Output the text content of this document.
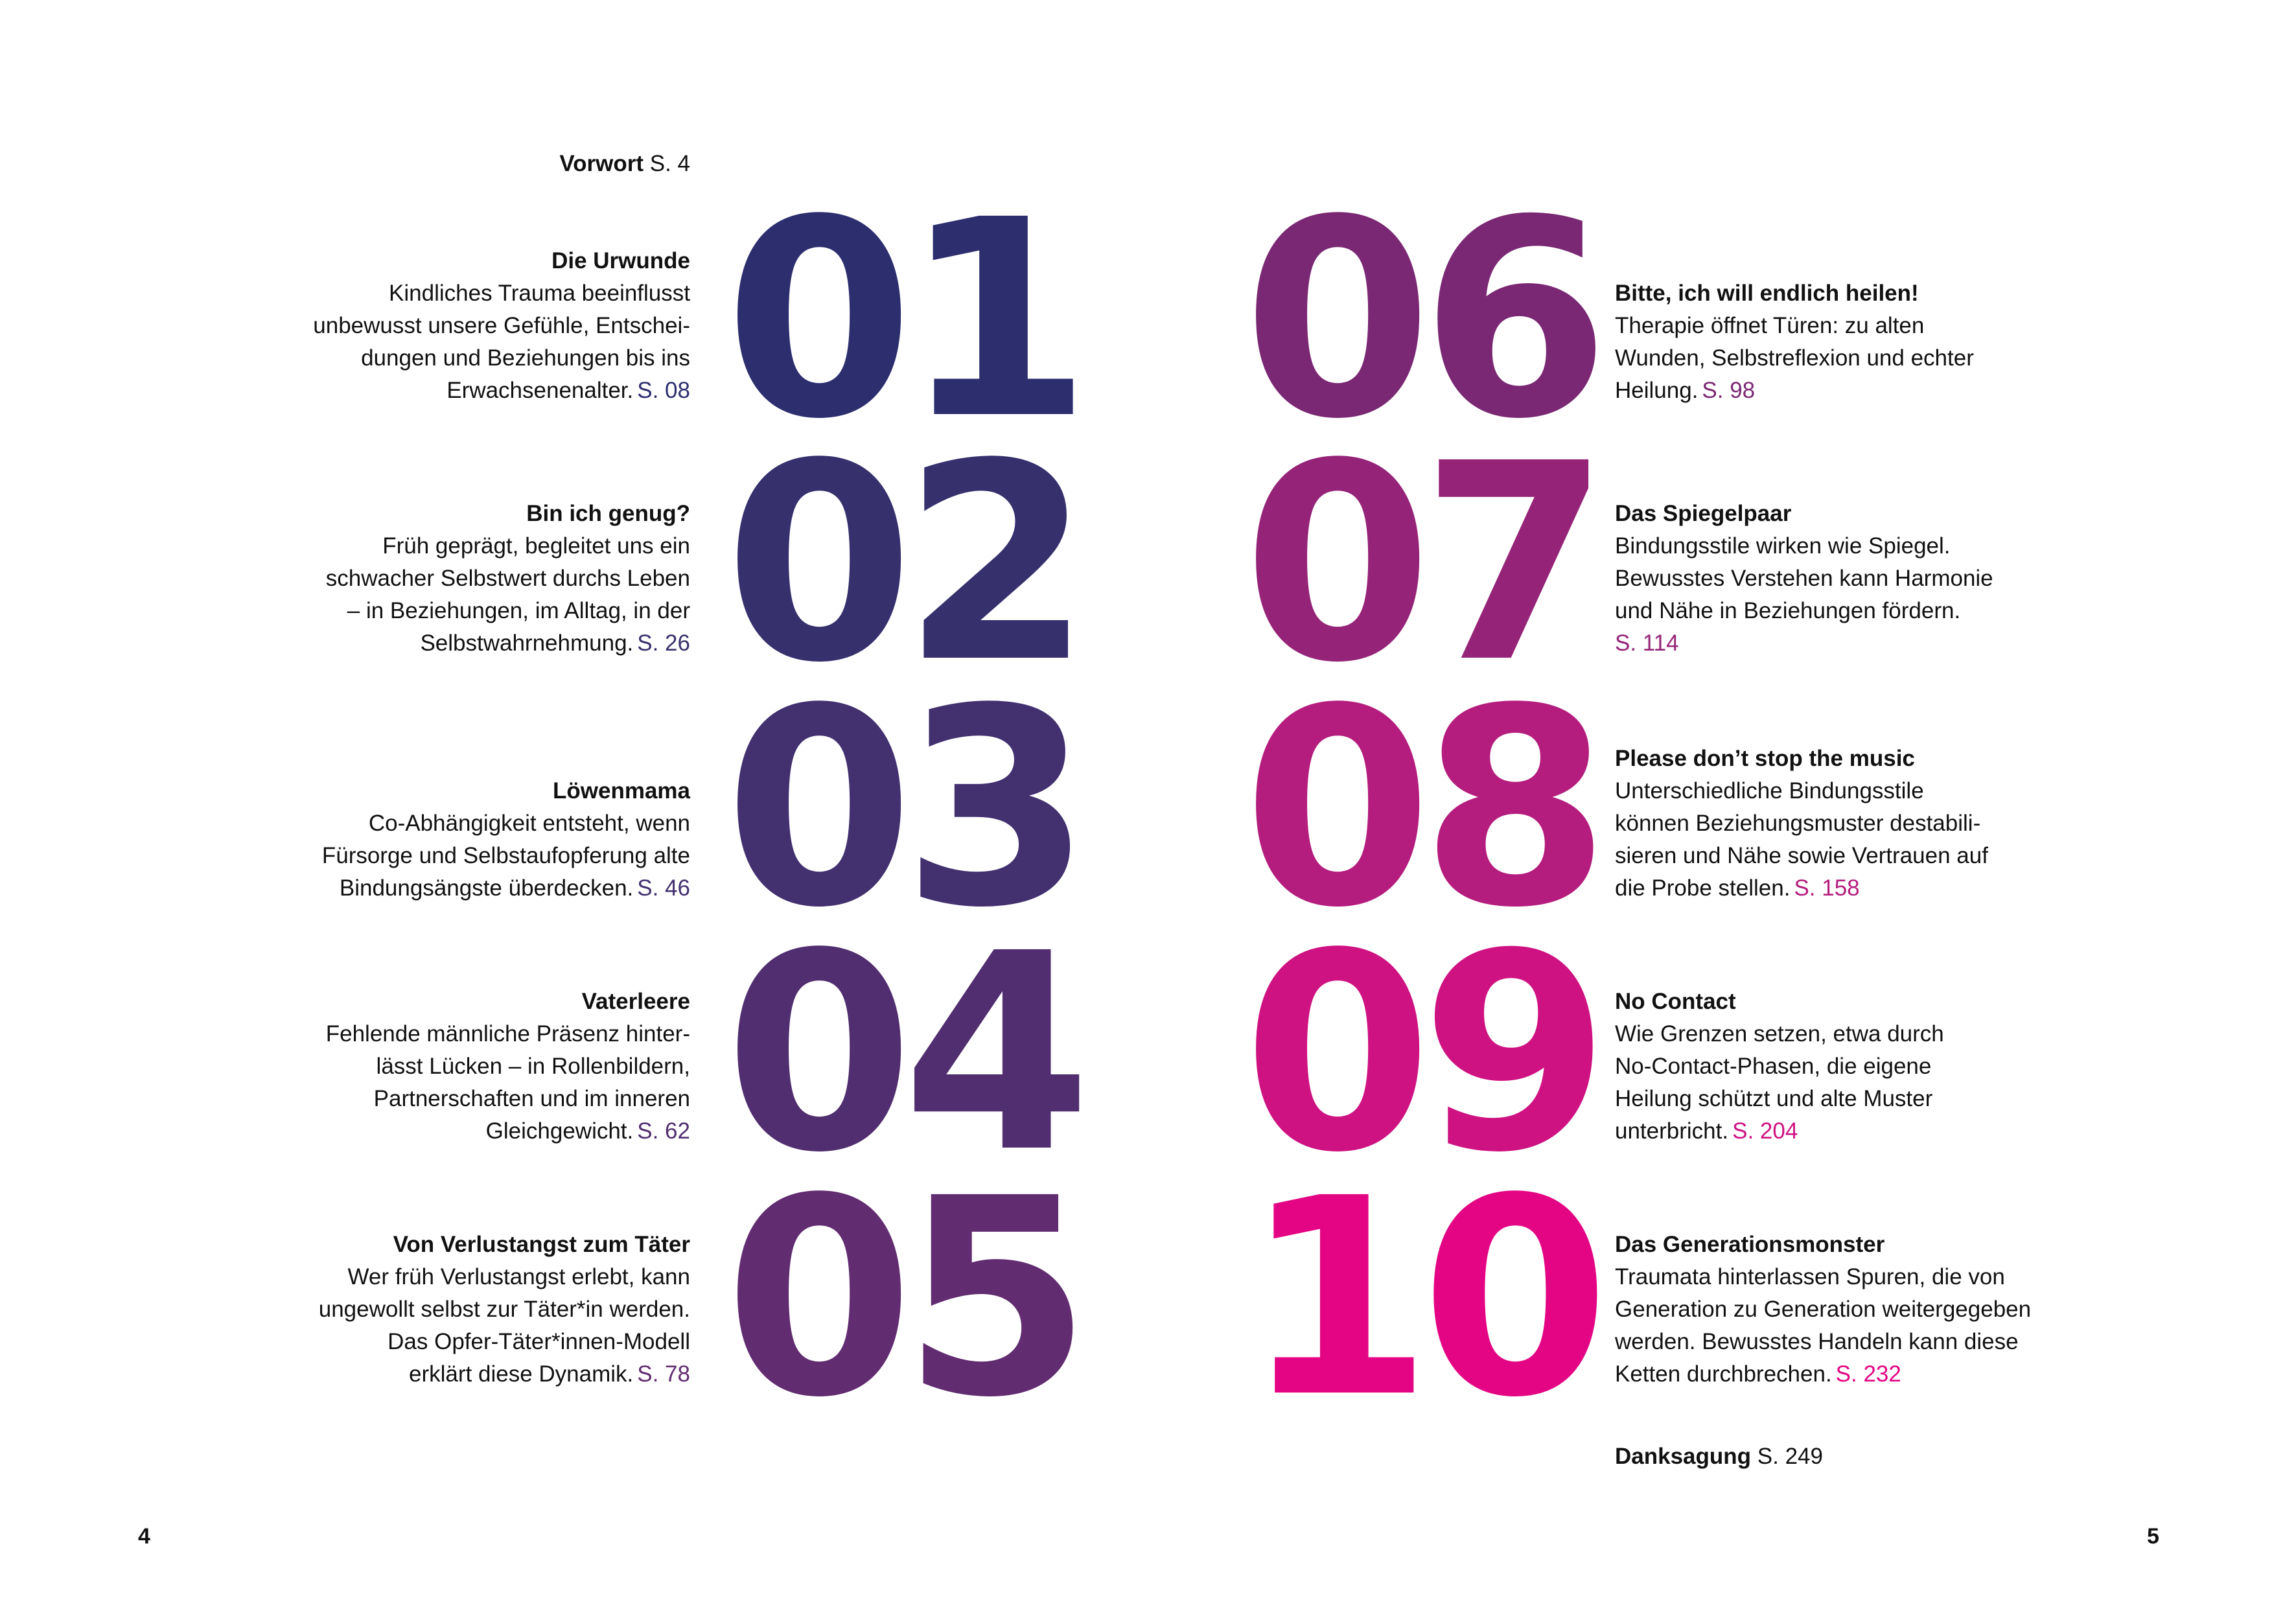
Vorwort S. 4
Die Urwunde
Kindliches Trauma beeinflusst
unbewusst unsere Gefühle, Entschei-
dungen und Beziehungen bis ins
Erwachsenenalter. S. 08
Bin ich genug?
Früh geprägt, begleitet uns ein
schwacher Selbstwert durchs Leben
– in Beziehungen, im Alltag, in der
Selbstwahrnehmung. S. 26
Löwenmama
Co-Abhängigkeit entsteht, wenn
Fürsorge und Selbstaufopferung alte
Bindungsängste überdecken. S. 46
Vaterleere
Fehlende männliche Präsenz hinter-
lässt Lücken – in Rollenbildern,
Partnerschaften und im inneren
Gleichgewicht. S. 62
Von Verlustangst zum Täter
Wer früh Verlustangst erlebt, kann
ungewollt selbst zur Täter*in werden.
Das Opfer-Täter*innen-Modell
erklärt diese Dynamik. S. 78
01
02
03
04
05
06
07
08
09
10
Bitte, ich will endlich heilen!
Therapie öffnet Türen: zu alten
Wunden, Selbstreflexion und echter
Heilung. S. 98
Das Spiegelpaar
Bindungsstile wirken wie Spiegel.
Bewusstes Verstehen kann Harmonie
und Nähe in Beziehungen fördern.
S. 114
Please don’t stop the music
Unterschiedliche Bindungsstile
können Beziehungsmuster destabili-
sieren und Nähe sowie Vertrauen auf
die Probe stellen. S. 158
No Contact
Wie Grenzen setzen, etwa durch
No-Contact-Phasen, die eigene
Heilung schützt und alte Muster
unterbricht. S. 204
Das Generationsmonster
Traumata hinterlassen Spuren, die von
Generation zu Generation weitergegeben
werden. Bewusstes Handeln kann diese
Ketten durchbrechen. S. 232
Danksagung S. 249
4	5
